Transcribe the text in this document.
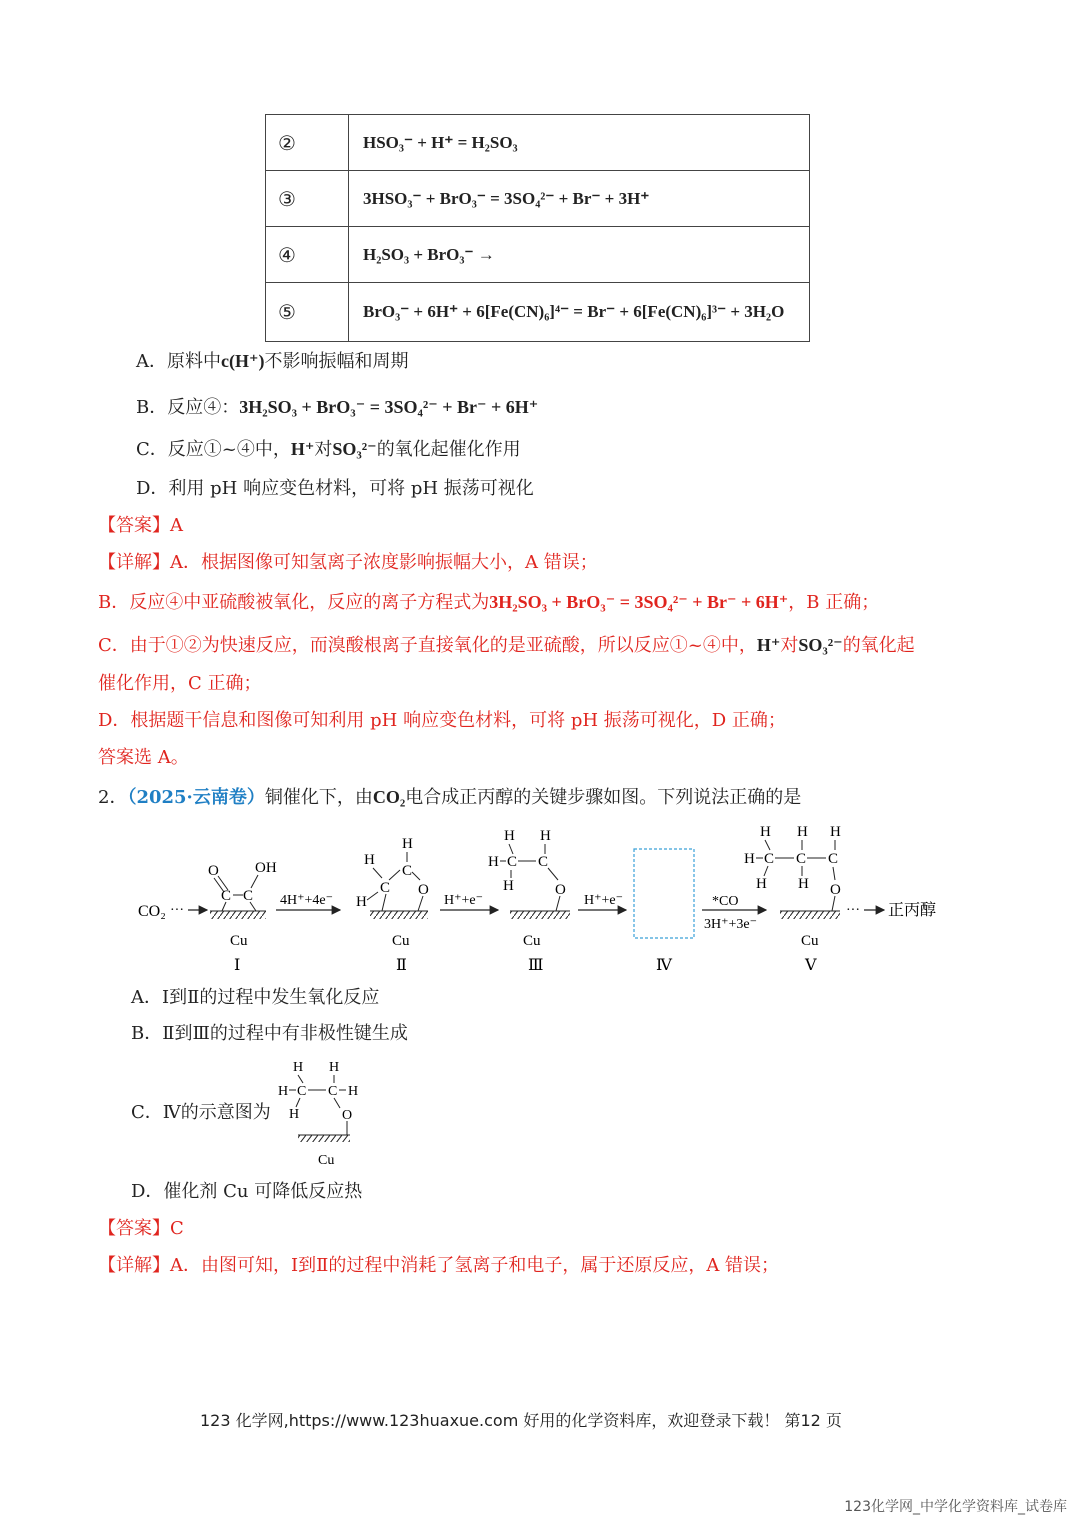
②	HSO₃⁻ + H⁺ = H₂SO₃
③	3HSO₃⁻ + BrO₃⁻ = 3SO₄²⁻ + Br⁻ + 3H⁺
④	H₂SO₃ + BrO₃⁻ →
⑤	BrO₃⁻ + 6H⁺ + 6[Fe(CN)₆]⁴⁻ = Br⁻ + 6[Fe(CN)₆]³⁻ + 3H₂O
A．原料中c(H⁺)不影响振幅和周期
B．反应④：3H₂SO₃ + BrO₃⁻ = 3SO₄²⁻ + Br⁻ + 6H⁺
C．反应①~④中，H⁺对SO₃²⁻的氧化起催化作用
D．利用 pH 响应变色材料，可将 pH 振荡可视化
【答案】A
【详解】A．根据图像可知氢离子浓度影响振幅大小，A 错误；
B．反应④中亚硫酸被氧化，反应的离子方程式为3H₂SO₃ + BrO₃⁻ = 3SO₄²⁻ + Br⁻ + 6H⁺，B 正确；
C．由于①②为快速反应，而溴酸根离子直接氧化的是亚硫酸，所以反应①~④中，H⁺对SO₃²⁻的氧化起
催化作用，C 正确；
D．根据题干信息和图像可知利用 pH 响应变色材料，可将 pH 振荡可视化，D 正确；
答案选 A。
2．（2025·云南卷）铜催化下，由CO₂电合成正丙醇的关键步骤如图。下列说法正确的是
CO₂ ···
O
C C
OH
Cu
Ⅰ
4H⁺+4e⁻
H
C
H
C O
H
Cu
Ⅱ
H⁺+e⁻
H H
H C C
H	O
Cu
Ⅲ
H⁺+e⁻
Ⅳ
*CO
3H⁺+3e⁻
H H H
H C C C
H H O
Cu
Ⅴ
··· 正丙醇
A．Ⅰ到Ⅱ的过程中发生氧化反应
B．Ⅱ到Ⅲ的过程中有非极性键生成
C．Ⅳ的示意图为
H H
H C C H
H	O
Cu
D．催化剂 Cu 可降低反应热
【答案】C
【详解】A．由图可知，Ⅰ到Ⅱ的过程中消耗了氢离子和电子，属于还原反应，A 错误；
123 化学网,https://www.123huaxue.com 好用的化学资料库，欢迎登录下载！ 第12 页
123化学网_中学化学资料库_试卷库
